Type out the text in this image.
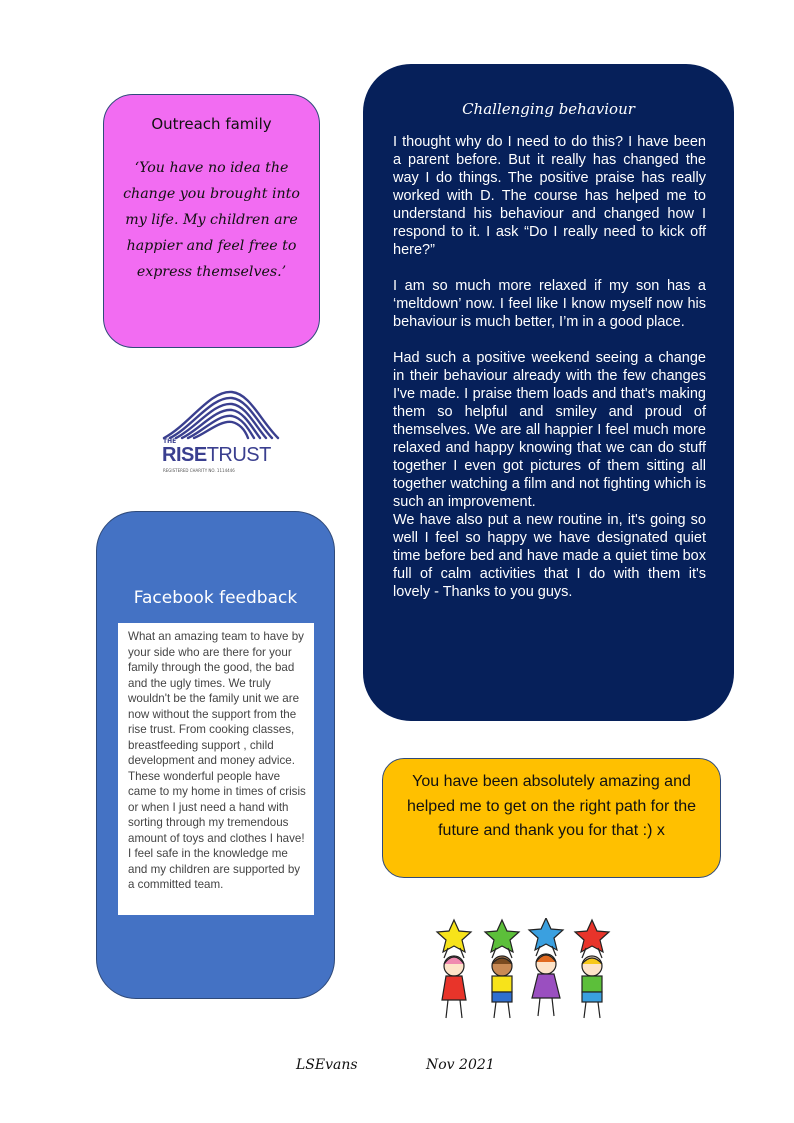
Outreach family
‘You have no idea the change you brought into my life. My children are happier and feel free to express themselves.’
THE
RISETRUST
REGISTERED CHARITY NO. 1114446
Challenging behaviour

I thought why do I need to do this? I have been a parent before. But it really has changed the way I do things. The positive praise has really worked with D. The course has helped me to understand his behaviour and changed how I respond to it. I ask “Do I really need to kick off here?”

I am so much more relaxed if my son has a ‘meltdown’ now. I feel like I know myself now his behaviour is much better, I’m in a good place.

Had such a positive weekend seeing a change in their behaviour already with the few changes I've made. I praise them loads and that's making them so helpful and smiley and proud of themselves. We are all happier I feel much more relaxed and happy knowing that we can do stuff together I even got pictures of them sitting all together watching a film and not fighting which is such an improvement.

We have also put a new routine in, it's going so well I feel so happy we have designated quiet time before bed and have made a quiet time box full of calm activities that I do with them it's lovely - Thanks to you guys.

Facebook feedback
What an amazing team to have by your side who are there for your family through the good, the bad and the ugly times. We truly wouldn't be the family unit we are now without the support from the rise trust. From cooking classes, breastfeeding support , child development and money advice. These wonderful people have came to my home in times of crisis or when I just need a hand with sorting through my tremendous amount of toys and clothes I have! I feel safe in the knowledge me and my children are supported by a committed team.
You have been absolutely amazing and helped me to get on the right path for the future and thank you for that :) x
LSEvans	Nov 2021
